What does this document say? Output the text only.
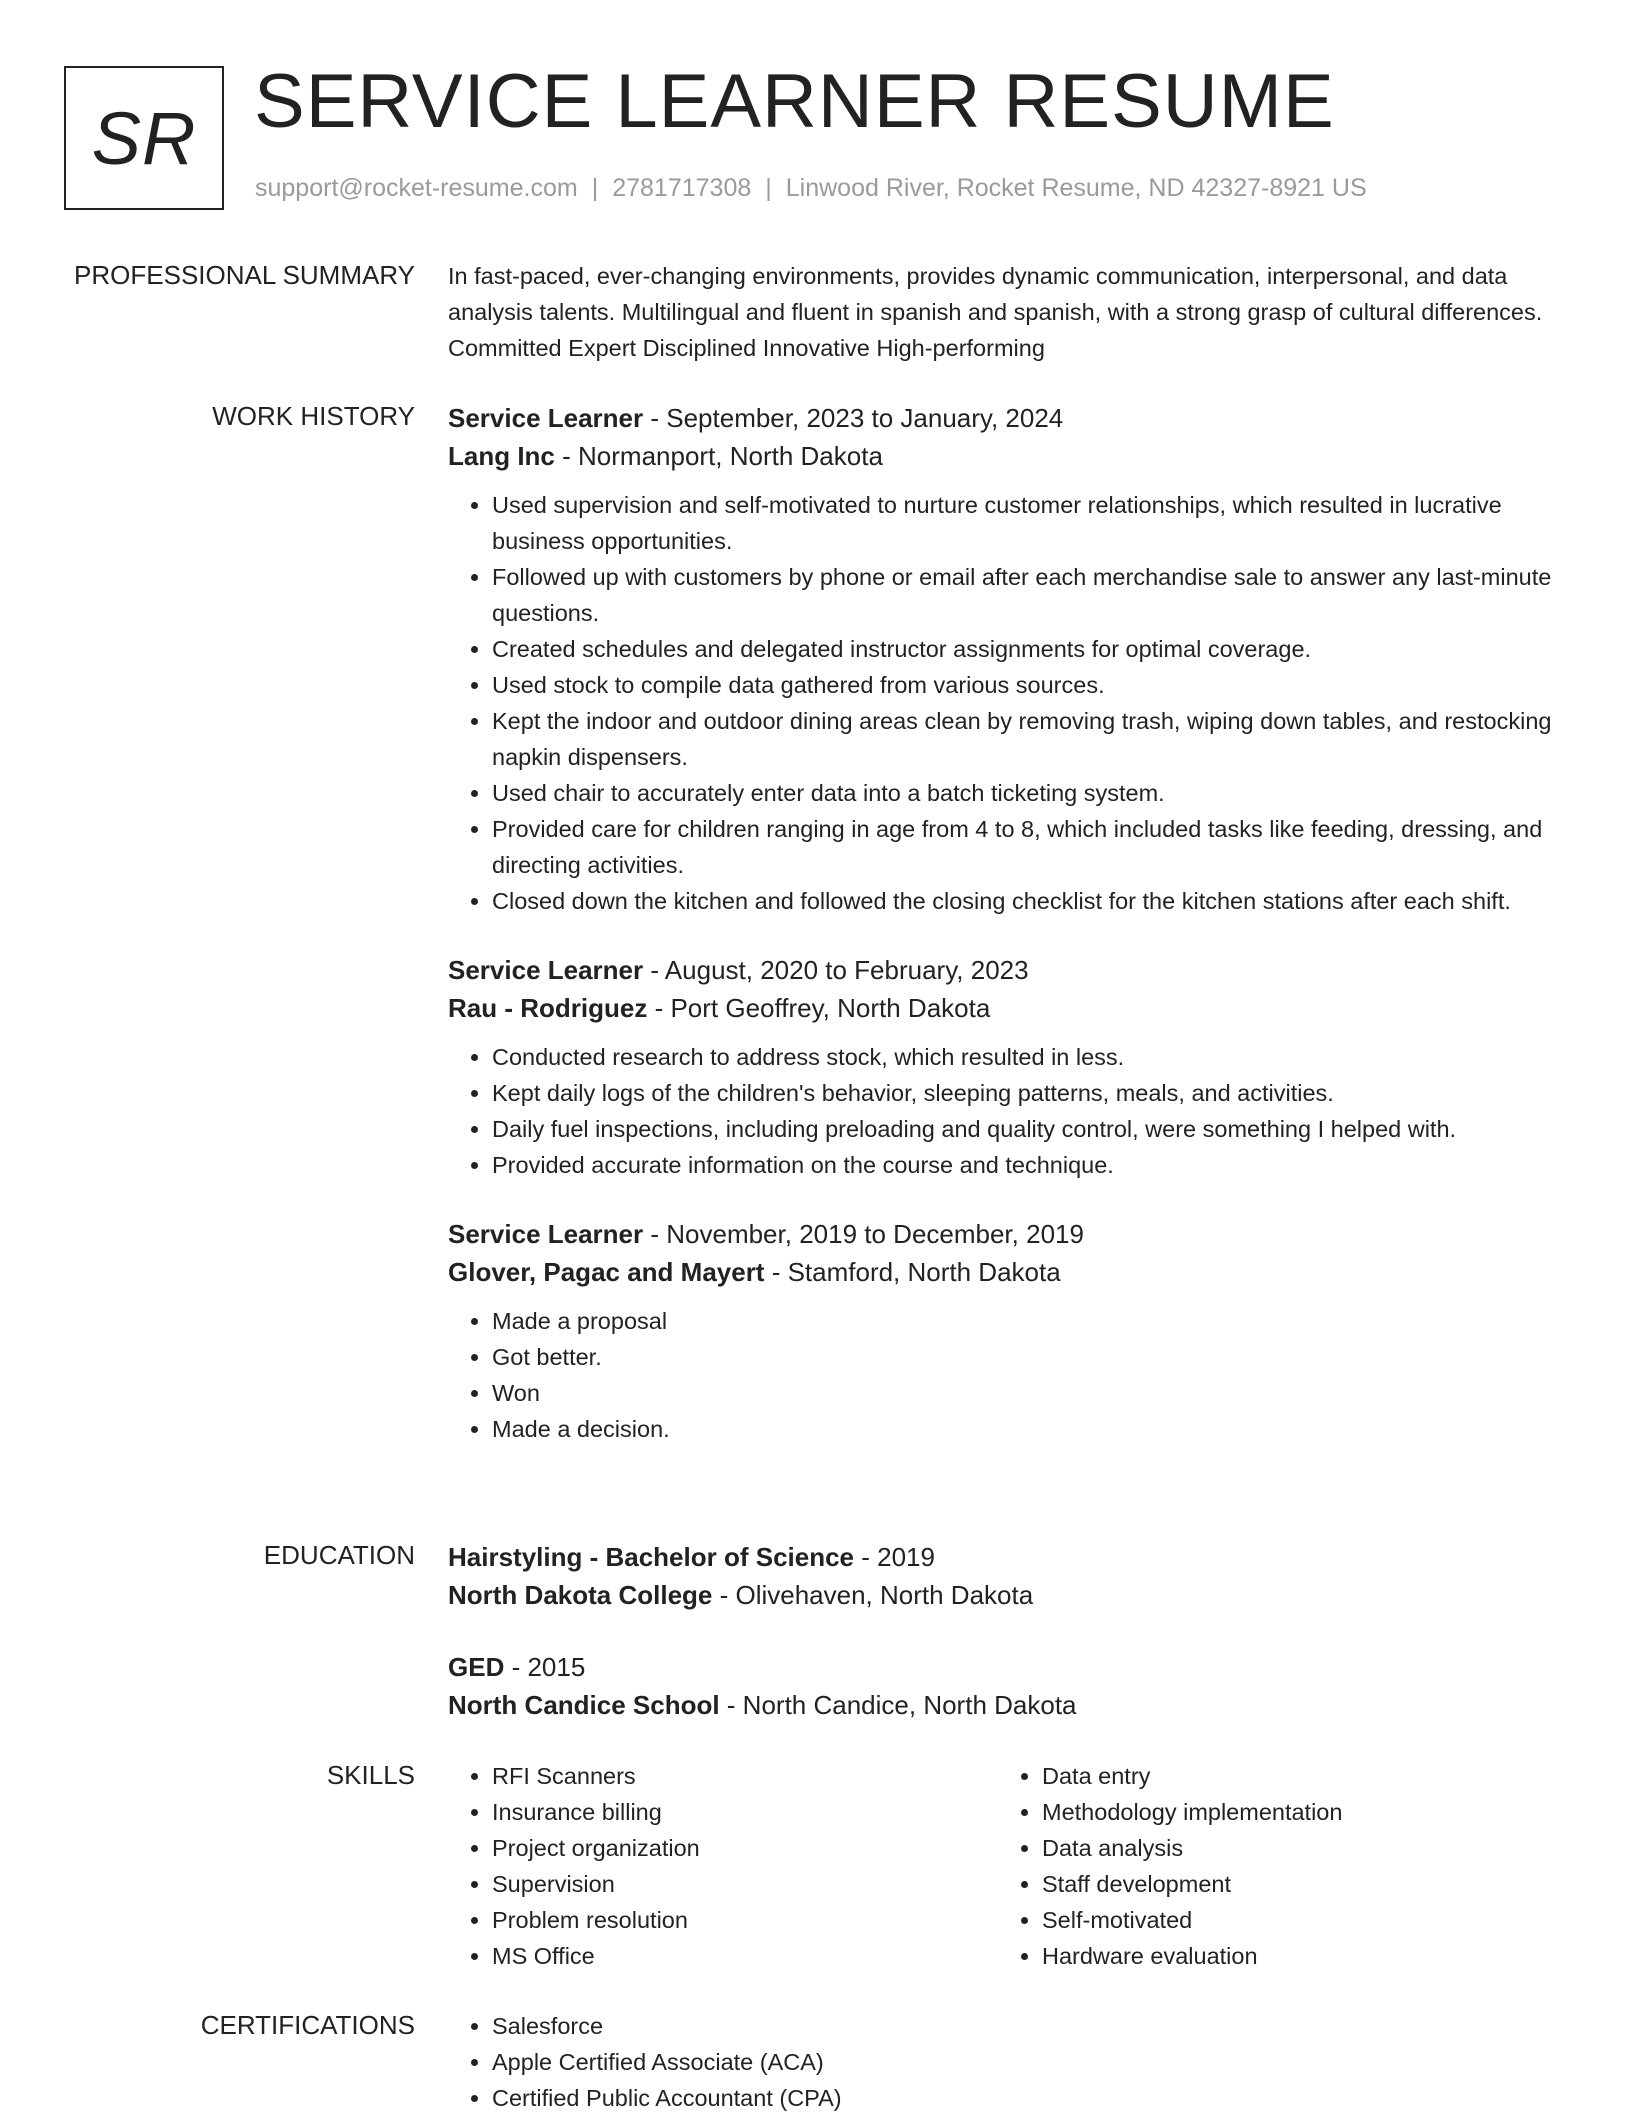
SR SERVICE LEARNER RESUME
support@rocket-resume.com | 2781717308 | Linwood River, Rocket Resume, ND 42327-8921 US
PROFESSIONAL SUMMARY In fast-paced, ever-changing environments, provides dynamic communication, interpersonal, and data analysis talents. Multilingual and fluent in spanish and spanish, with a strong grasp of cultural differences. Committed Expert Disciplined Innovative High-performing

WORK HISTORY Service Learner - September, 2023 to January, 2024
Lang Inc - Normanport, North Dakota
• Used supervision and self-motivated to nurture customer relationships, which resulted in lucrative business opportunities.
• Followed up with customers by phone or email after each merchandise sale to answer any last-minute questions.
• Created schedules and delegated instructor assignments for optimal coverage.
• Used stock to compile data gathered from various sources.
• Kept the indoor and outdoor dining areas clean by removing trash, wiping down tables, and restocking napkin dispensers.
• Used chair to accurately enter data into a batch ticketing system.
• Provided care for children ranging in age from 4 to 8, which included tasks like feeding, dressing, and directing activities.
• Closed down the kitchen and followed the closing checklist for the kitchen stations after each shift.
Service Learner - August, 2020 to February, 2023
Rau - Rodriguez - Port Geoffrey, North Dakota
• Conducted research to address stock, which resulted in less.
• Kept daily logs of the children's behavior, sleeping patterns, meals, and activities.
• Daily fuel inspections, including preloading and quality control, were something I helped with.
• Provided accurate information on the course and technique.
Service Learner - November, 2019 to December, 2019
Glover, Pagac and Mayert - Stamford, North Dakota
• Made a proposal
• Got better.
• Won
• Made a decision.
EDUCATION Hairstyling - Bachelor of Science - 2019
North Dakota College - Olivehaven, North Dakota
GED - 2015
North Candice School - North Candice, North Dakota
SKILLS	• RFI Scanners
• Insurance billing
• Project organization
• Supervision
• Problem resolution
• MS Office
• Data entry
• Methodology implementation
• Data analysis
• Staff development
• Self-motivated
• Hardware evaluation
CERTIFICATIONS	• Salesforce
• Apple Certified Associate (ACA)
• Certified Public Accountant (CPA)
